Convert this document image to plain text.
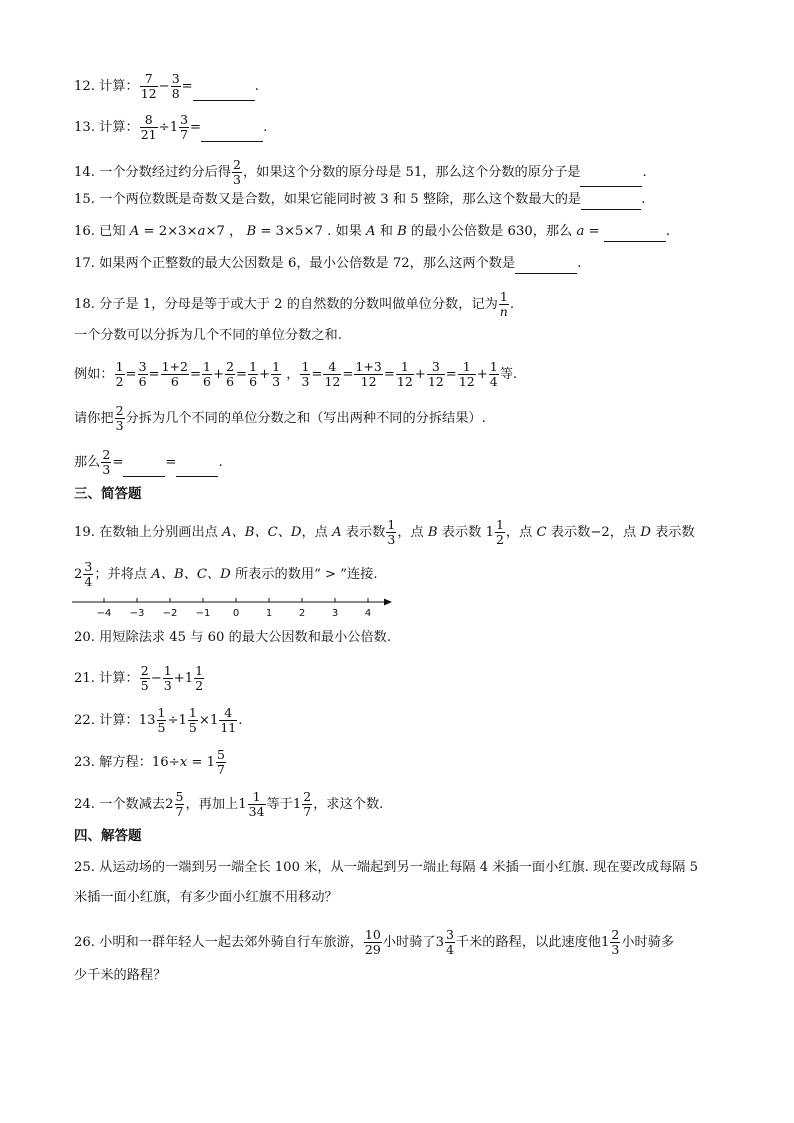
12. 计算： $\frac{7}{12} - \frac{3}{8}$ =	.
13. 计算： $\frac{8}{21} \div 1 \frac{3}{7}$ =	.
14. 一个分数经过约分后得 $\frac{2}{3}$ ，如果这个分数的原分母是 51，那么这个分数的原分子是	.
15. 一个两位数既是奇数又是合数，如果它能同时被 3 和 5 整除，那么这个数最大的是	.
16. 已知 A = 2×3×a×7 ， B = 3×5×7 . 如果 A 和 B 的最小公倍数是 630，那么 a =	.
17. 如果两个正整数的最大公因数是 6，最小公倍数是 72，那么这两个数是	.
18. 分子是 1，分母是等于或大于 2 的自然数的分数叫做单位分数，记为 $\frac{1}{n}$ .
一个分数可以分拆为几个不同的单位分数之和.
例如： $\frac{1}{2} = \frac{3}{6} = \frac{1+2}{6} = \frac{1}{6} + \frac{2}{6} = \frac{1}{6} + \frac{1}{3}$ ， $\frac{1}{3} = \frac{4}{12} = \frac{1+3}{12} = \frac{1}{12} + \frac{3}{12} = \frac{1}{12} + \frac{1}{4}$ 等.
请你把 $\frac{2}{3}$ 分拆为几个不同的单位分数之和（写出两种不同的分拆结果）.
那么 $\frac{2}{3}$ =	=	.
三、简答题
19. 在数轴上分别画出点 A、B、C、D，点 A 表示数 $\frac{1}{3}$ ，点 B 表示数 $1 \frac{1}{2}$ ，点 C 表示数−2，点 D 表示数
$2 \frac{3}{4}$ ；并将点 A、B、C、D 所表示的数用“ > ”连接.
−4 −3 −2 −1 0	1	2	3	4
20. 用短除法求 45 与 60 的最大公因数和最小公倍数.
21. 计算： $\frac{2}{5} - \frac{1}{3} +1 \frac{1}{2}$
22. 计算：$13 \frac{1}{5} \div 1 \frac{1}{5} \times 1 \frac{4}{11}$ .
23. 解方程：$16\div x = 1 \frac{5}{7}$
24. 一个数减去$2 \frac{5}{7}$ ，再加上$1 \frac{1}{34}$ 等于$1 \frac{2}{7}$ ，求这个数.
四、解答题
25. 从运动场的一端到另一端全长 100 米，从一端起到另一端止每隔 4 米插一面小红旗. 现在要改成每隔 5
米插一面小红旗，有多少面小红旗不用移动？
26. 小明和一群年轻人一起去郊外骑自行车旅游， $\frac{10}{29}$ 小时骑了$3 \frac{3}{4}$ 千米的路程，以此速度他$1 \frac{2}{3}$ 小时骑多
少千米的路程？
